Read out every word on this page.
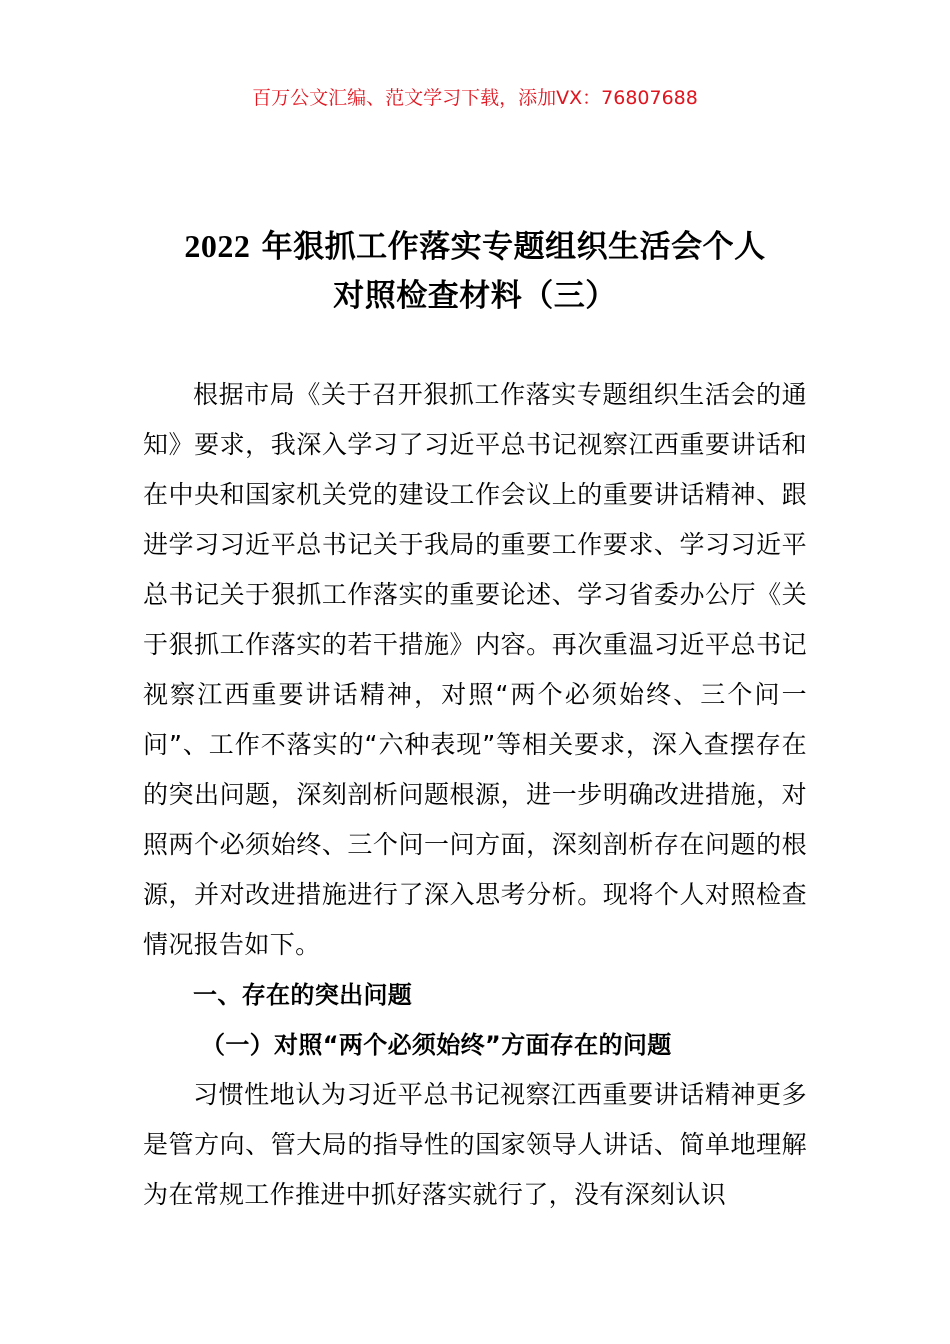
百万公文汇编、范文学习下载，添加VX：76807688
2022 年狠抓工作落实专题组织生活会个人
对照检查材料（三）

根据市局《关于召开狠抓工作落实专题组织生活会的通知》要求，我深入学习了习近平总书记视察江西重要讲话和在中央和国家机关党的建设工作会议上的重要讲话精神、跟进学习习近平总书记关于我局的重要工作要求、学习习近平总书记关于狠抓工作落实的重要论述、学习省委办公厅《关于狠抓工作落实的若干措施》内容。再次重温习近平总书记视察江西重要讲话精神，对照“两个必须始终、三个问一问”、工作不落实的“六种表现”等相关要求，深入查摆存在的突出问题，深刻剖析问题根源，进一步明确改进措施，对照两个必须始终、三个问一问方面，深刻剖析存在问题的根源，并对改进措施进行了深入思考分析。现将个人对照检查情况报告如下。

一、存在的突出问题

（一）对照“两个必须始终”方面存在的问题

习惯性地认为习近平总书记视察江西重要讲话精神更多是管方向、管大局的指导性的国家领导人讲话、简单地理解为在常规工作推进中抓好落实就行了，没有深刻认识
